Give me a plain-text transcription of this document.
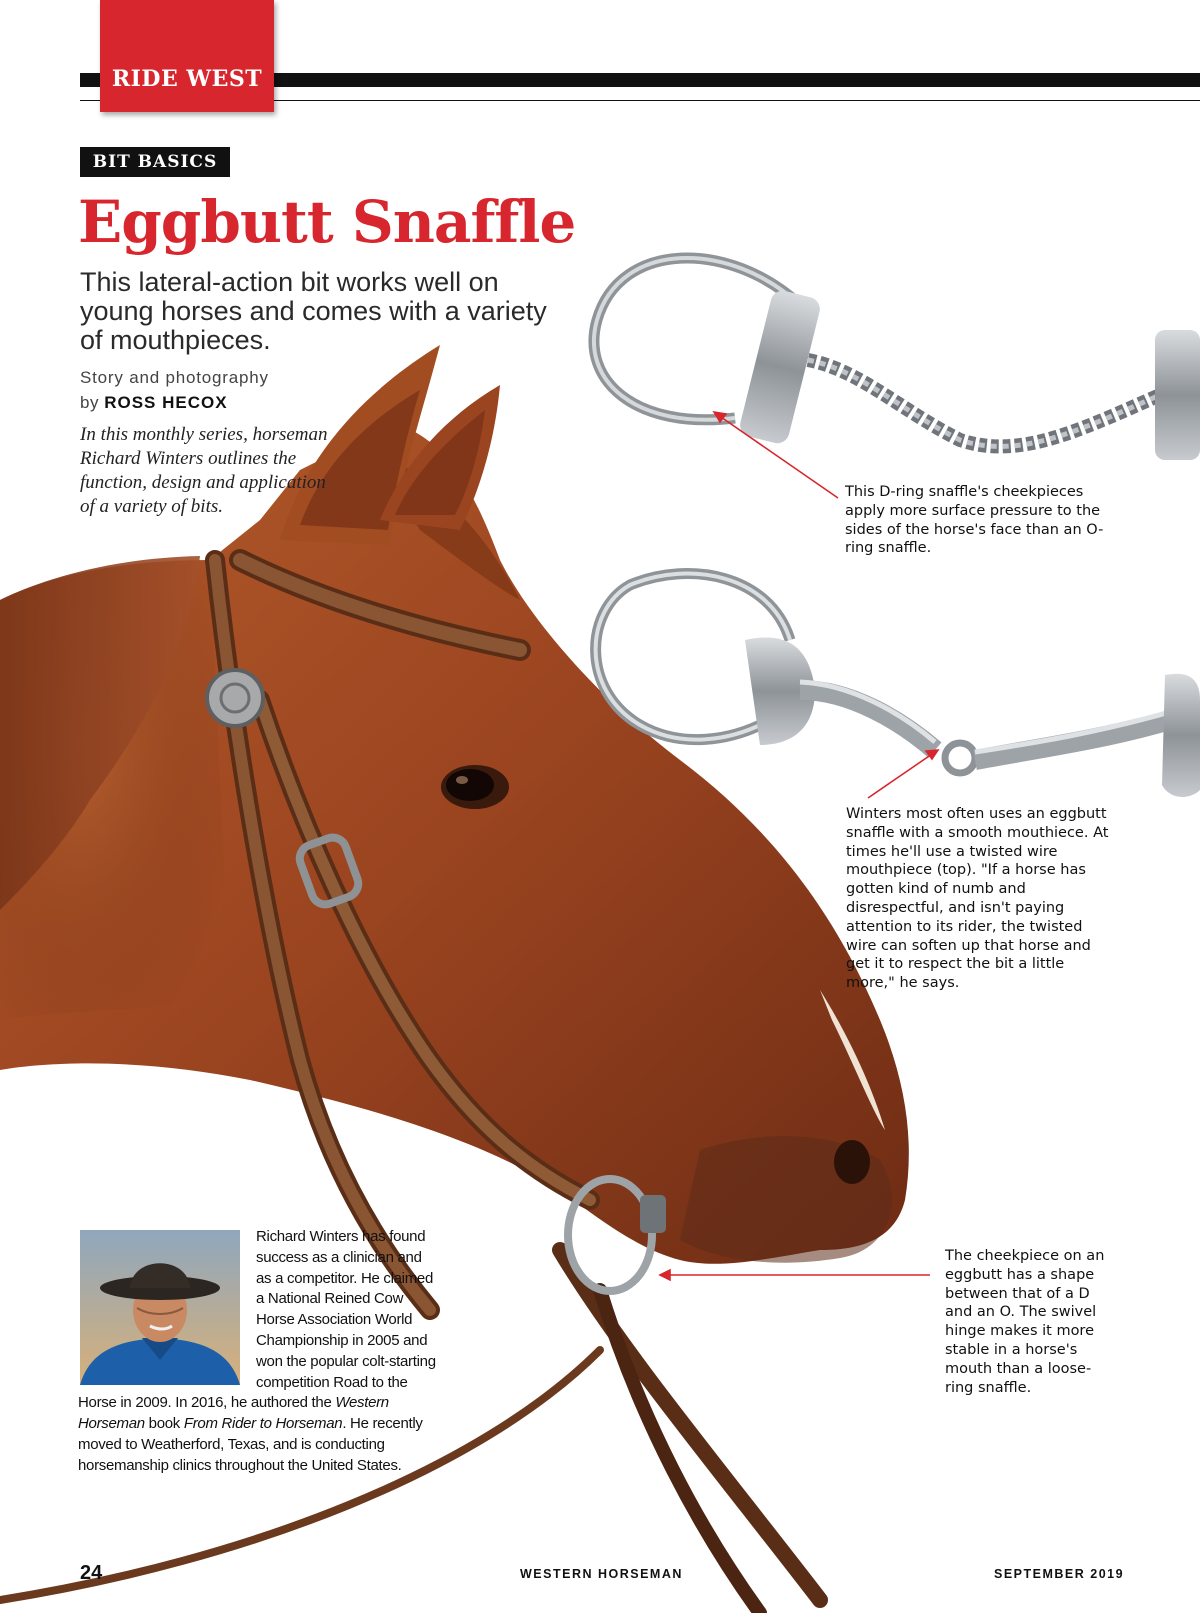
RIDE WEST
BIT BASICS
Eggbutt Snaffle
This lateral-action bit works well on young horses and comes with a variety of mouthpieces.
Story and photography
by ROSS HECOX
In this monthly series, horseman Richard Winters outlines the function, design and application of a variety of bits.
This D-ring snaffle's cheekpieces apply more surface pressure to the sides of the horse's face than an O-ring snaffle.
Winters most often uses an eggbutt snaffle with a smooth mouthiece. At times he'll use a twisted wire mouthpiece (top). "If a horse has gotten kind of numb and disrespectful, and isn't paying attention to its rider, the twisted wire can soften up that horse and get it to respect the bit a little more," he says.
The cheekpiece on an eggbutt has a shape between that of a D and an O. The swivel hinge makes it more stable in a horse's mouth than a loose-ring snaffle.
Richard Winters has found success as a clinician and as a competitor. He claimed a National Reined Cow Horse Association World Championship in 2005 and won the popular colt-starting competition Road to the Horse in 2009. In 2016, he authored the Western Horseman book From Rider to Horseman. He recently moved to Weatherford, Texas, and is conducting horsemanship clinics throughout the United States.
24	WESTERN HORSEMAN	SEPTEMBER 2019
